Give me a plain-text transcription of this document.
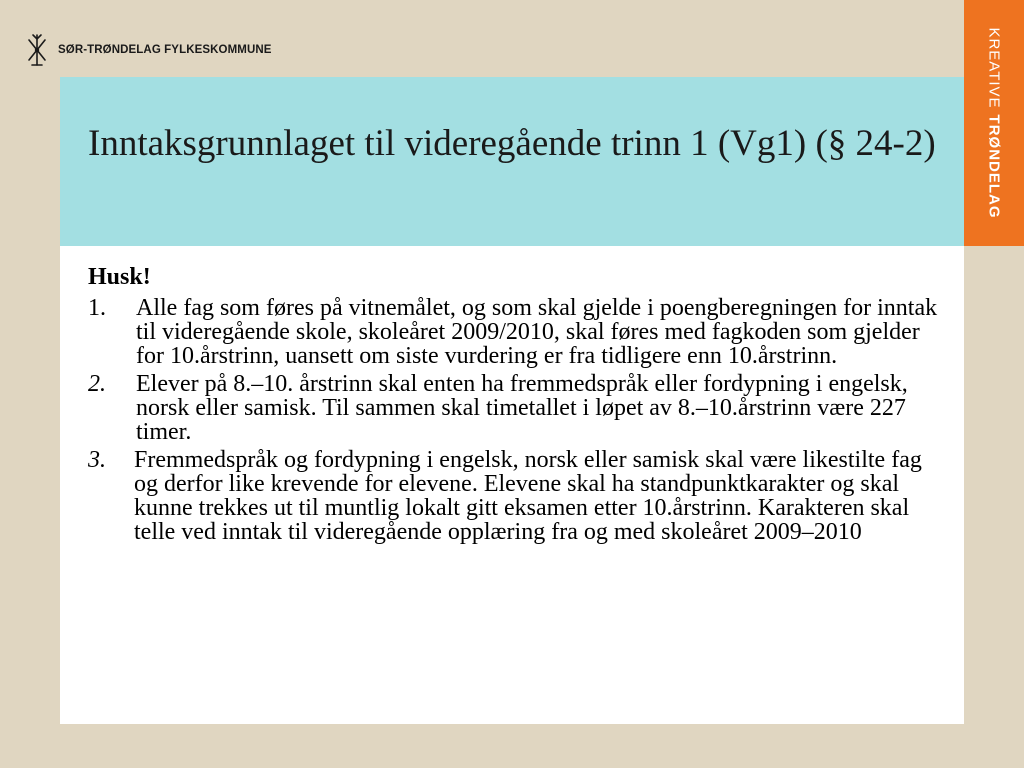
SØR-TRØNDELAG FYLKESKOMMUNE	KREATIVETRØNDELAG
Inntaksgrunnlaget til videregående trinn 1 (Vg1) (§ 24-2)
Husk!
1. Alle fag som føres på vitnemålet, og som skal gjelde i poengberegningen for inntak til videregående skole, skoleåret 2009/2010, skal føres med fagkoden som gjelder for 10.årstrinn, uansett om siste vurdering er fra tidligere enn 10.årstrinn.
2. Elever på 8.–10. årstrinn skal enten ha fremmedspråk eller fordypning i engelsk, norsk eller samisk. Til sammen skal timetallet i løpet av 8.–10.årstrinn være 227 timer.
3. Fremmedspråk og fordypning i engelsk, norsk eller samisk skal være likestilte fag og derfor like krevende for elevene. Elevene skal ha standpunktkarakter og skal kunne trekkes ut til muntlig lokalt gitt eksamen etter 10.årstrinn. Karakteren skal telle ved inntak til videregående opplæring fra og med skoleåret 2009–2010
